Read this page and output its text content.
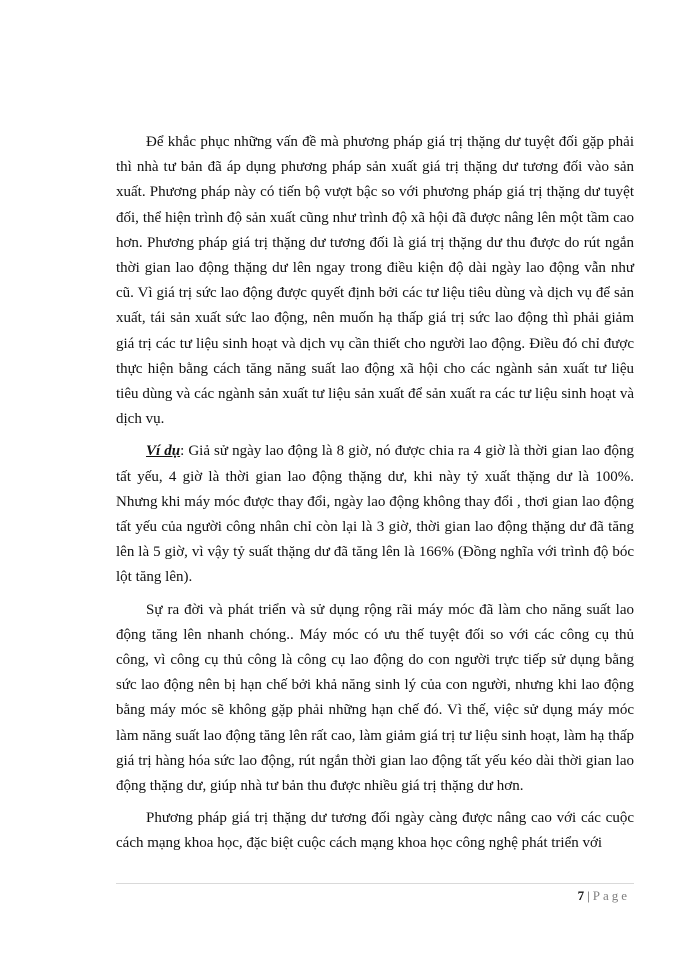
Để khắc phục những vấn đề mà phương pháp giá trị thặng dư tuyệt đối gặp phải thì nhà tư bản đã áp dụng phương pháp sản xuất giá trị thặng dư tương đối vào sản xuất. Phương pháp này có tiến bộ vượt bậc so với phương pháp giá trị thặng dư tuyệt đối, thể hiện trình độ sản xuất cũng như trình độ xã hội đã được nâng lên một tầm cao hơn. Phương pháp giá trị thặng dư tương đối là giá trị thặng dư thu được do rút ngắn thời gian lao động thặng dư lên ngay trong điều kiện độ dài ngày lao động vẫn như cũ. Vì giá trị sức lao động được quyết định bởi các tư liệu tiêu dùng và dịch vụ để sản xuất, tái sản xuất sức lao động, nên muốn hạ thấp giá trị sức lao động thì phải giảm giá trị các tư liệu sinh hoạt và dịch vụ cần thiết cho người lao động. Điều đó chỉ được thực hiện bằng cách tăng năng suất lao động xã hội cho các ngành sản xuất tư liệu tiêu dùng và các ngành sản xuất tư liệu sản xuất để sản xuất ra các tư liệu sinh hoạt và dịch vụ.

Ví dụ: Giả sử ngày lao động là 8 giờ, nó được chia ra 4 giờ là thời gian lao động tất yếu, 4 giờ là thời gian lao động thặng dư, khi này tỷ xuất thặng dư là 100%. Nhưng khi máy móc được thay đổi, ngày lao động không thay đổi , thơi gian lao động tất yếu của người công nhân chỉ còn lại là 3 giờ, thời gian lao động thặng dư đã tăng lên là 5 giờ, vì vậy tỷ suất thặng dư đã tăng lên là 166% (Đồng nghĩa với trình độ bóc lột tăng lên).

Sự ra đời và phát triển và sử dụng rộng rãi máy móc đã làm cho năng suất lao động tăng lên nhanh chóng.. Máy móc có ưu thế tuyệt đối so với các công cụ thủ công, vì công cụ thủ công là công cụ lao động do con người trực tiếp sử dụng bằng sức lao động nên bị hạn chế bởi khả năng sinh lý của con người, nhưng khi lao động bằng máy móc sẽ không gặp phải những hạn chế đó. Vì thế, việc sử dụng máy móc làm năng suất lao động tăng lên rất cao, làm giảm giá trị tư liệu sinh hoạt, làm hạ thấp giá trị hàng hóa sức lao động, rút ngắn thời gian lao động tất yếu kéo dài thời gian lao động thặng dư, giúp nhà tư bản thu được nhiều giá trị thặng dư hơn.

Phương pháp giá trị thặng dư tương đối ngày càng được nâng cao với các cuộc cách mạng khoa học, đặc biệt cuộc cách mạng khoa học công nghệ phát triển với

7 | Page
